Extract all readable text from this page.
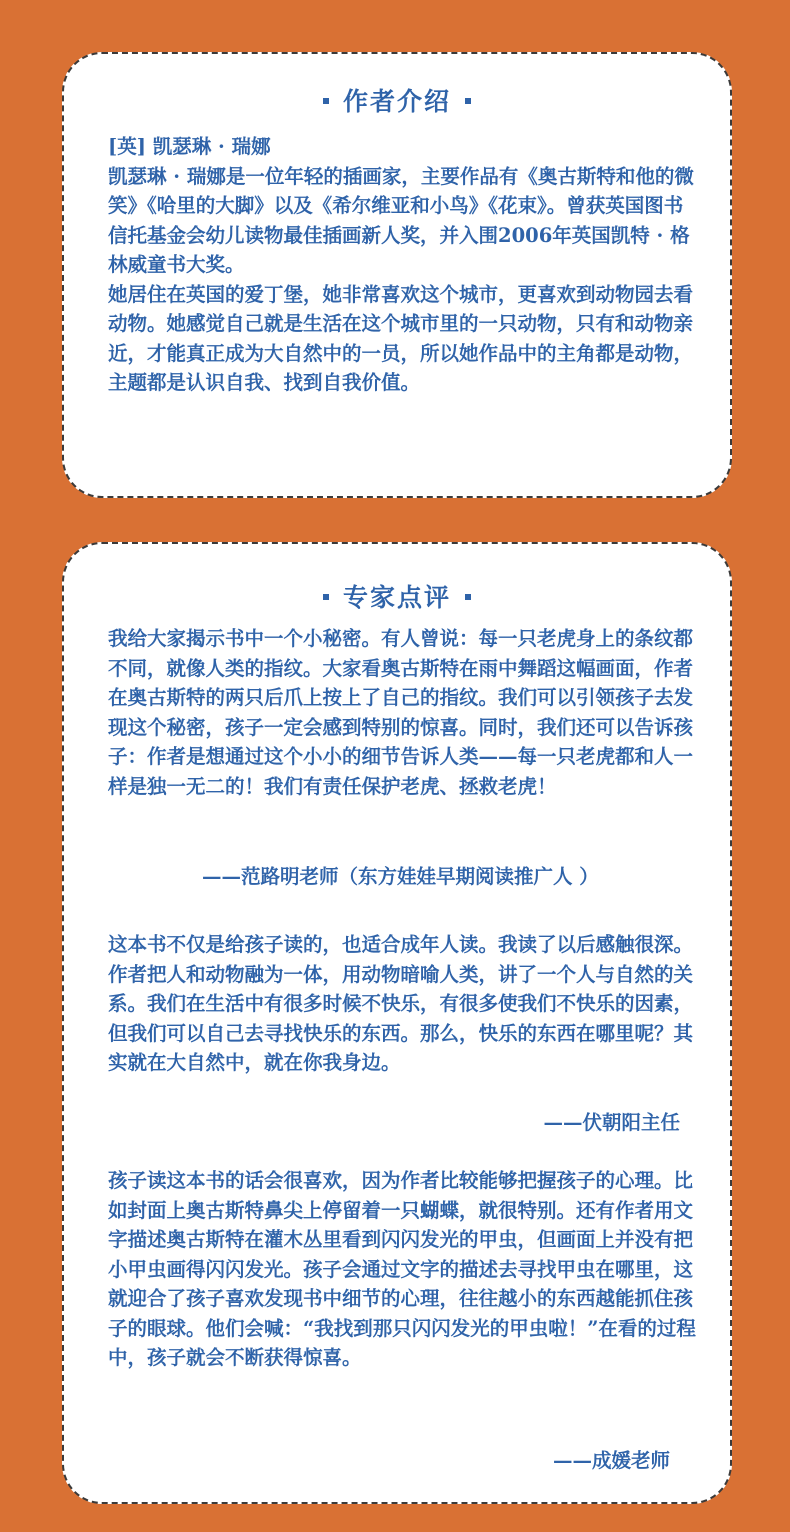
作者介绍

[英] 凯瑟琳 · 瑞娜

凯瑟琳 · 瑞娜是一位年轻的插画家，主要作品有《奥古斯特和他的微笑》《哈里的大脚》以及《希尔维亚和小鸟》《花束》。曾获英国图书信托基金会幼儿读物最佳插画新人奖，并入围2006年英国凯特 · 格林威童书大奖。

她居住在英国的爱丁堡，她非常喜欢这个城市，更喜欢到动物园去看动物。她感觉自己就是生活在这个城市里的一只动物，只有和动物亲近，才能真正成为大自然中的一员，所以她作品中的主角都是动物，主题都是认识自我、找到自我价值。

专家点评

我给大家揭示书中一个小秘密。有人曾说：每一只老虎身上的条纹都不同，就像人类的指纹。大家看奥古斯特在雨中舞蹈这幅画面，作者在奥古斯特的两只后爪上按上了自己的指纹。我们可以引领孩子去发现这个秘密，孩子一定会感到特别的惊喜。同时，我们还可以告诉孩子：作者是想通过这个小小的细节告诉人类——每一只老虎都和人一样是独一无二的！我们有责任保护老虎、拯救老虎！

——范路明老师（东方娃娃早期阅读推广人 ）

这本书不仅是给孩子读的，也适合成年人读。我读了以后感触很深。作者把人和动物融为一体，用动物暗喻人类，讲了一个人与自然的关系。我们在生活中有很多时候不快乐，有很多使我们不快乐的因素，但我们可以自己去寻找快乐的东西。那么，快乐的东西在哪里呢？其实就在大自然中，就在你我身边。

——伏朝阳主任

孩子读这本书的话会很喜欢，因为作者比较能够把握孩子的心理。比如封面上奥古斯特鼻尖上停留着一只蝴蝶，就很特别。还有作者用文字描述奥古斯特在灌木丛里看到闪闪发光的甲虫，但画面上并没有把小甲虫画得闪闪发光。孩子会通过文字的描述去寻找甲虫在哪里，这就迎合了孩子喜欢发现书中细节的心理，往往越小的东西越能抓住孩子的眼球。他们会喊：“我找到那只闪闪发光的甲虫啦！”在看的过程中，孩子就会不断获得惊喜。

——成媛老师
